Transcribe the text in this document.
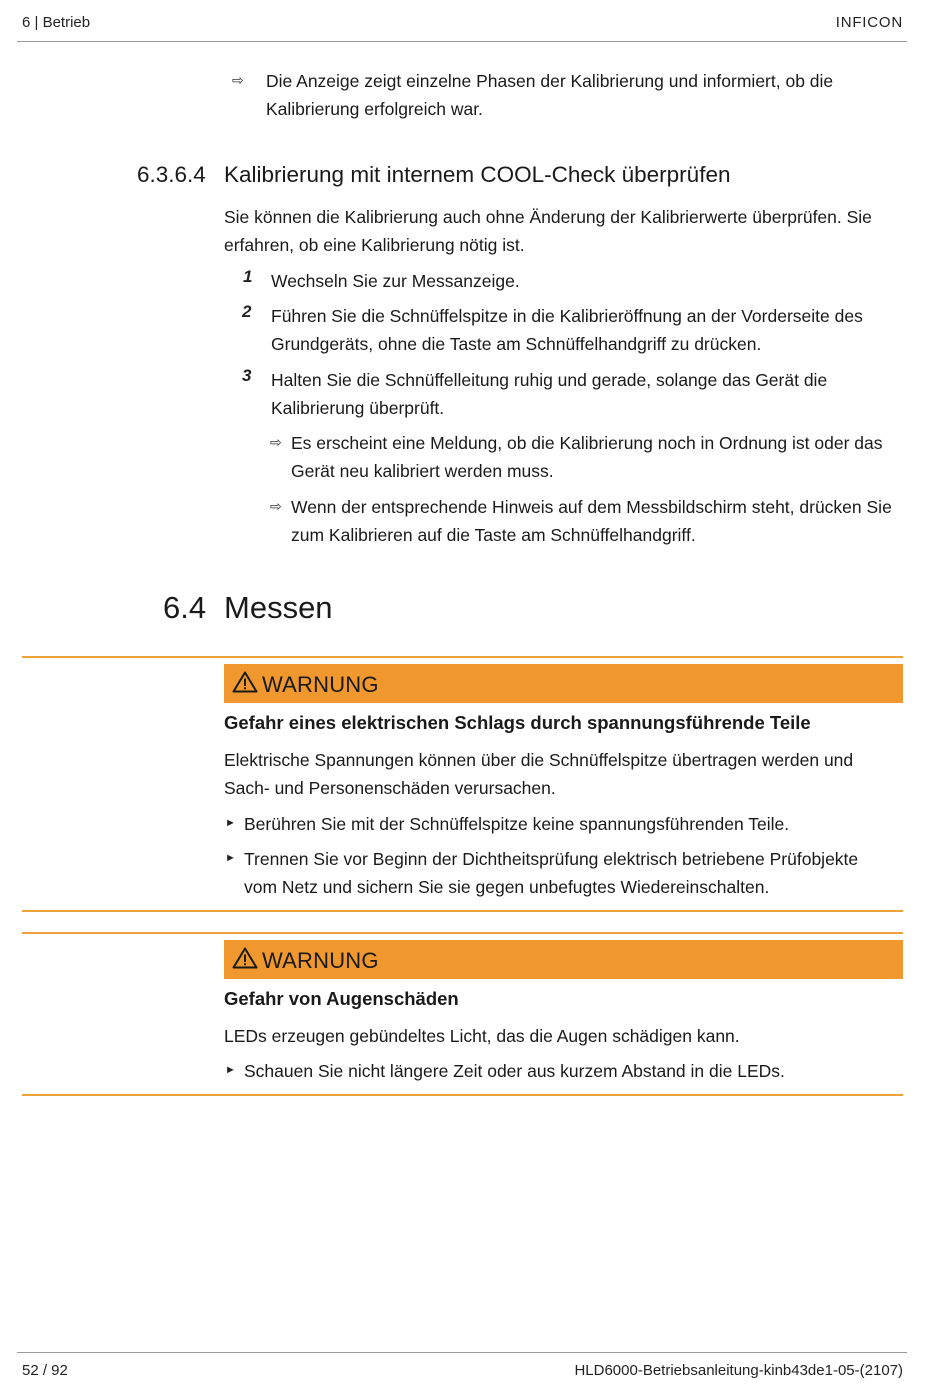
6 | Betrieb	INFICON
⇨ Die Anzeige zeigt einzelne Phasen der Kalibrierung und informiert, ob die
Kalibrierung erfolgreich war.
6.3.6.4 Kalibrierung mit internem COOL-Check überprüfen
Sie können die Kalibrierung auch ohne Änderung der Kalibrierwerte überprüfen. Sie
erfahren, ob eine Kalibrierung nötig ist.
1 Wechseln Sie zur Messanzeige.
2 Führen Sie die Schnüffelspitze in die Kalibrieröffnung an der Vorderseite des
Grundgeräts, ohne die Taste am Schnüffelhandgriff zu drücken.
3 Halten Sie die Schnüffelleitung ruhig und gerade, solange das Gerät die
Kalibrierung überprüft.
⇨ Es erscheint eine Meldung, ob die Kalibrierung noch in Ordnung ist oder das
Gerät neu kalibriert werden muss.
⇨ Wenn der entsprechende Hinweis auf dem Messbildschirm steht, drücken Sie
zum Kalibrieren auf die Taste am Schnüffelhandgriff.
6.4 Messen
WARNUNG
Gefahr eines elektrischen Schlags durch spannungsführende Teile
Elektrische Spannungen können über die Schnüffelspitze übertragen werden und
Sach- und Personenschäden verursachen.
► Berühren Sie mit der Schnüffelspitze keine spannungsführenden Teile.
► Trennen Sie vor Beginn der Dichtheitsprüfung elektrisch betriebene Prüfobjekte
vom Netz und sichern Sie sie gegen unbefugtes Wiedereinschalten.
WARNUNG
Gefahr von Augenschäden
LEDs erzeugen gebündeltes Licht, das die Augen schädigen kann.
► Schauen Sie nicht längere Zeit oder aus kurzem Abstand in die LEDs.
52 / 92	HLD6000-Betriebsanleitung-kinb43de1-05-(2107)
